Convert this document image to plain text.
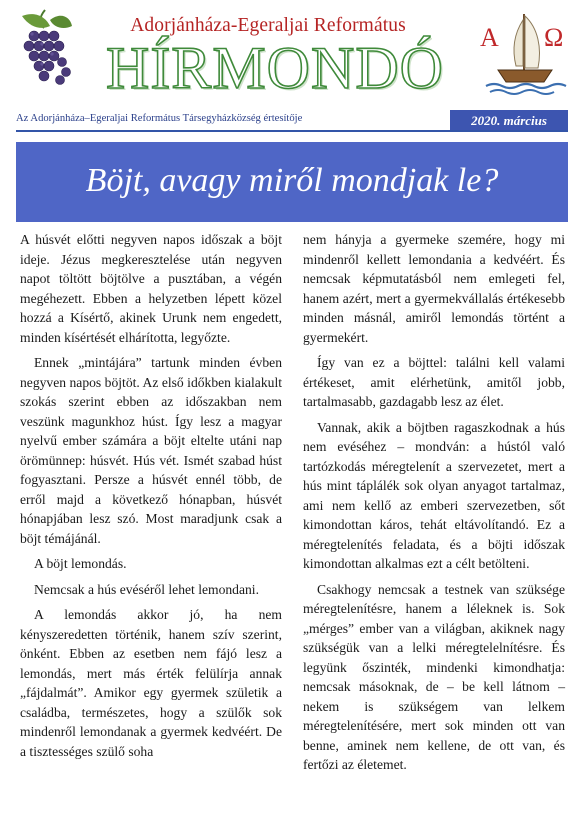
Adorjánháza-Egeraljai Református
HÍRMONDÓ	Α Ω
Az Adorjánháza–Egeraljai Református Társegyházközség értesítője	2020. március
Böjt, avagy miről mondjak le?

A húsvét előtti negyven napos időszak a böjt ideje. Jézus megkeresztelése után negyven napot töltött böjtölve a pusztában, a végén megéhezett. Ebben a helyzetben lépett közel hozzá a Kísértő, akinek Urunk nem engedett, minden kísértését elhárította, legyőzte.

Ennek „mintájára” tartunk minden évben negyven napos böjtöt. Az első időkben kialakult szokás szerint ebben az időszakban nem veszünk magunkhoz húst. Így lesz a magyar nyelvű ember számára a böjt elteltе utáni nap örömünnep: húsvét. Hús vét. Ismét szabad húst fogyasztani. Persze a húsvét ennél több, de erről majd a következő hónapban, húsvét hónapjában lesz szó. Most maradjunk csak a böjt témájánál.

A böjt lemondás.

Nemcsak a hús evéséről lehet lemondani.

A lemondás akkor jó, ha nem kényszeredetten történik, hanem szív szerint, önként. Ebben az esetben nem fájó lesz a lemondás, mert más érték felülírja annak „fájdalmát”. Amikor egy gyermek születik a családba, természetes, hogy a szülők sok mindenről lemondanak a gyermek kedvéért. De a tisztességes szülő soha

nem hányja a gyermeke szemére, hogy mi mindenről kellett lemondania a kedvéért. És nemcsak képmutatásból nem emlegeti fel, hanem azért, mert a gyermekvállalás értékesebb minden másnál, amiről lemondás történt a gyermekért.

Így van ez a böjttel: találni kell valami értékeset, amit elérhetünk, amitől jobb, tartalmasabb, gazdagabb lesz az élet.

Vannak, akik a böjtben ragaszkodnak a hús nem evéséhez – mondván: a hústól való tartózkodás méregtelenít a szervezetet, mert a hús mint táplálék sok olyan anyagot tartalmaz, ami nem kellő az emberi szervezetben, sőt kimondottan káros, tehát eltávolítandó. Ez a méregtelenítés feladata, és a böjti időszak kimondottan alkalmas ezt a célt betölteni.

Csakhogy nemcsak a testnek van szüksége méregtelenítésre, hanem a léleknek is. Sok „mérges” ember van a világban, akiknek nagy szükségük van a lelki méregtelelnítésre. És legyünk őszinték, mindenki kimondhatja: nemcsak másoknak, de – be kell látnom – nekem is szükségem van lelkem méregtelenítésére, mert sok minden ott van benne, aminek nem kellene, de ott van, és fertőzi az életemet.
